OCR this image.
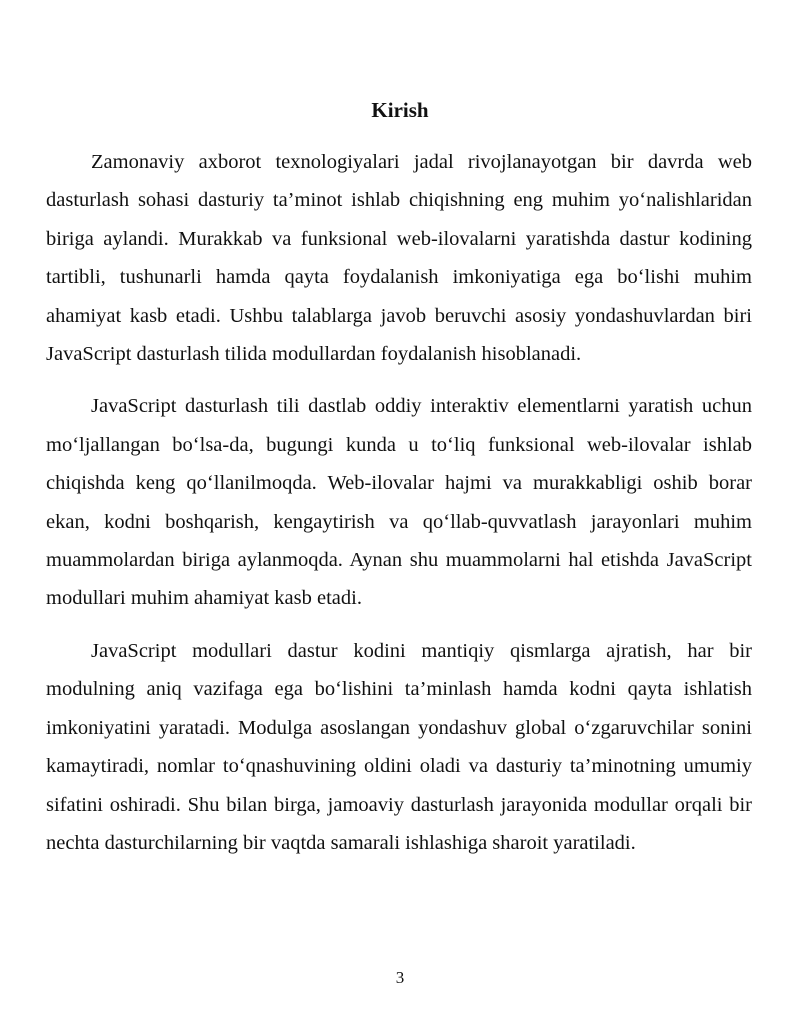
Kirish

Zamonaviy axborot texnologiyalari jadal rivojlanayotgan bir davrda web dasturlash sohasi dasturiy ta’minot ishlab chiqishning eng muhim yo‘nalishlaridan biriga aylandi. Murakkab va funksional web-ilovalarni yaratishda dastur kodining tartibli, tushunarli hamda qayta foydalanish imkoniyatiga ega bo‘lishi muhim ahamiyat kasb etadi. Ushbu talablarga javob beruvchi asosiy yondashuvlardan biri JavaScript dasturlash tilida modullardan foydalanish hisoblanadi.

JavaScript dasturlash tili dastlab oddiy interaktiv elementlarni yaratish uchun mo‘ljallangan bo‘lsa-da, bugungi kunda u to‘liq funksional web-ilovalar ishlab chiqishda keng qo‘llanilmoqda. Web-ilovalar hajmi va murakkabligi oshib borar ekan, kodni boshqarish, kengaytirish va qo‘llab-quvvatlash jarayonlari muhim muammolardan biriga aylanmoqda. Aynan shu muammolarni hal etishda JavaScript modullari muhim ahamiyat kasb etadi.

JavaScript modullari dastur kodini mantiqiy qismlarga ajratish, har bir modulning aniq vazifaga ega bo‘lishini ta’minlash hamda kodni qayta ishlatish imkoniyatini yaratadi. Modulga asoslangan yondashuv global o‘zgaruvchilar sonini kamaytiradi, nomlar to‘qnashuvining oldini oladi va dasturiy ta’minotning umumiy sifatini oshiradi. Shu bilan birga, jamoaviy dasturlash jarayonida modullar orqali bir nechta dasturchilarning bir vaqtda samarali ishlashiga sharoit yaratiladi.

3
